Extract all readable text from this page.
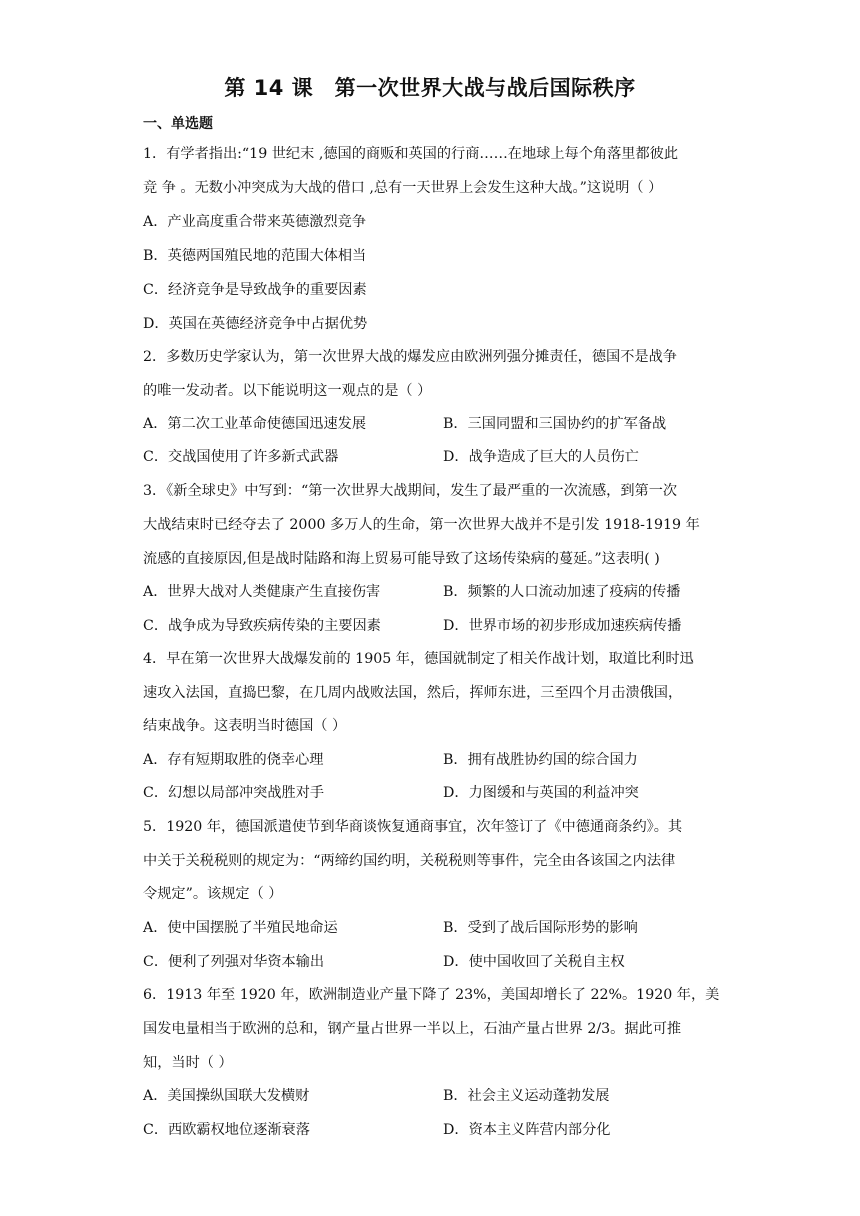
第 14 课　第一次世界大战与战后国际秩序
一、单选题
1．有学者指出:“19 世纪末 ,德国的商贩和英国的行商……在地球上每个角落里都彼此
竞 争 。无数小冲突成为大战的借口 ,总有一天世界上会发生这种大战。”这说明（ ）
A．产业高度重合带来英德激烈竞争
B．英德两国殖民地的范围大体相当
C．经济竞争是导致战争的重要因素
D．英国在英德经济竞争中占据优势
2．多数历史学家认为，第一次世界大战的爆发应由欧洲列强分摊责任，德国不是战争
的唯一发动者。以下能说明这一观点的是（ ）
A．第二次工业革命使德国迅速发展	B．三国同盟和三国协约的扩军备战
C．交战国使用了许多新式武器	D．战争造成了巨大的人员伤亡
3．《新全球史》中写到：“第一次世界大战期间，发生了最严重的一次流感，到第一次
大战结束时已经夺去了 2000 多万人的生命，第一次世界大战并不是引发 1918-1919 年
流感的直接原因,但是战时陆路和海上贸易可能导致了这场传染病的蔓延。”这表明( )
A．世界大战对人类健康产生直接伤害	B．频繁的人口流动加速了疫病的传播
C．战争成为导致疾病传染的主要因素	D．世界市场的初步形成加速疾病传播
4．早在第一次世界大战爆发前的 1905 年，德国就制定了相关作战计划，取道比利时迅
速攻入法国，直捣巴黎，在几周内战败法国，然后，挥师东进，三至四个月击溃俄国，
结束战争。这表明当时德国（ ）
A．存有短期取胜的侥幸心理	B．拥有战胜协约国的综合国力
C．幻想以局部冲突战胜对手	D．力图缓和与英国的利益冲突
5．1920 年，德国派遣使节到华商谈恢复通商事宜，次年签订了《中德通商条约》。其
中关于关税税则的规定为：“两缔约国约明，关税税则等事件，完全由各该国之内法律
令规定”。该规定（ ）
A．使中国摆脱了半殖民地命运	B．受到了战后国际形势的影响
C．便利了列强对华资本输出	D．使中国收回了关税自主权
6．1913 年至 1920 年，欧洲制造业产量下降了 23%，美国却增长了 22%。1920 年，美
国发电量相当于欧洲的总和，钢产量占世界一半以上，石油产量占世界 2/3。据此可推
知，当时（ ）
A．美国操纵国联大发横财	B．社会主义运动蓬勃发展
C．西欧霸权地位逐渐衰落	D．资本主义阵营内部分化
